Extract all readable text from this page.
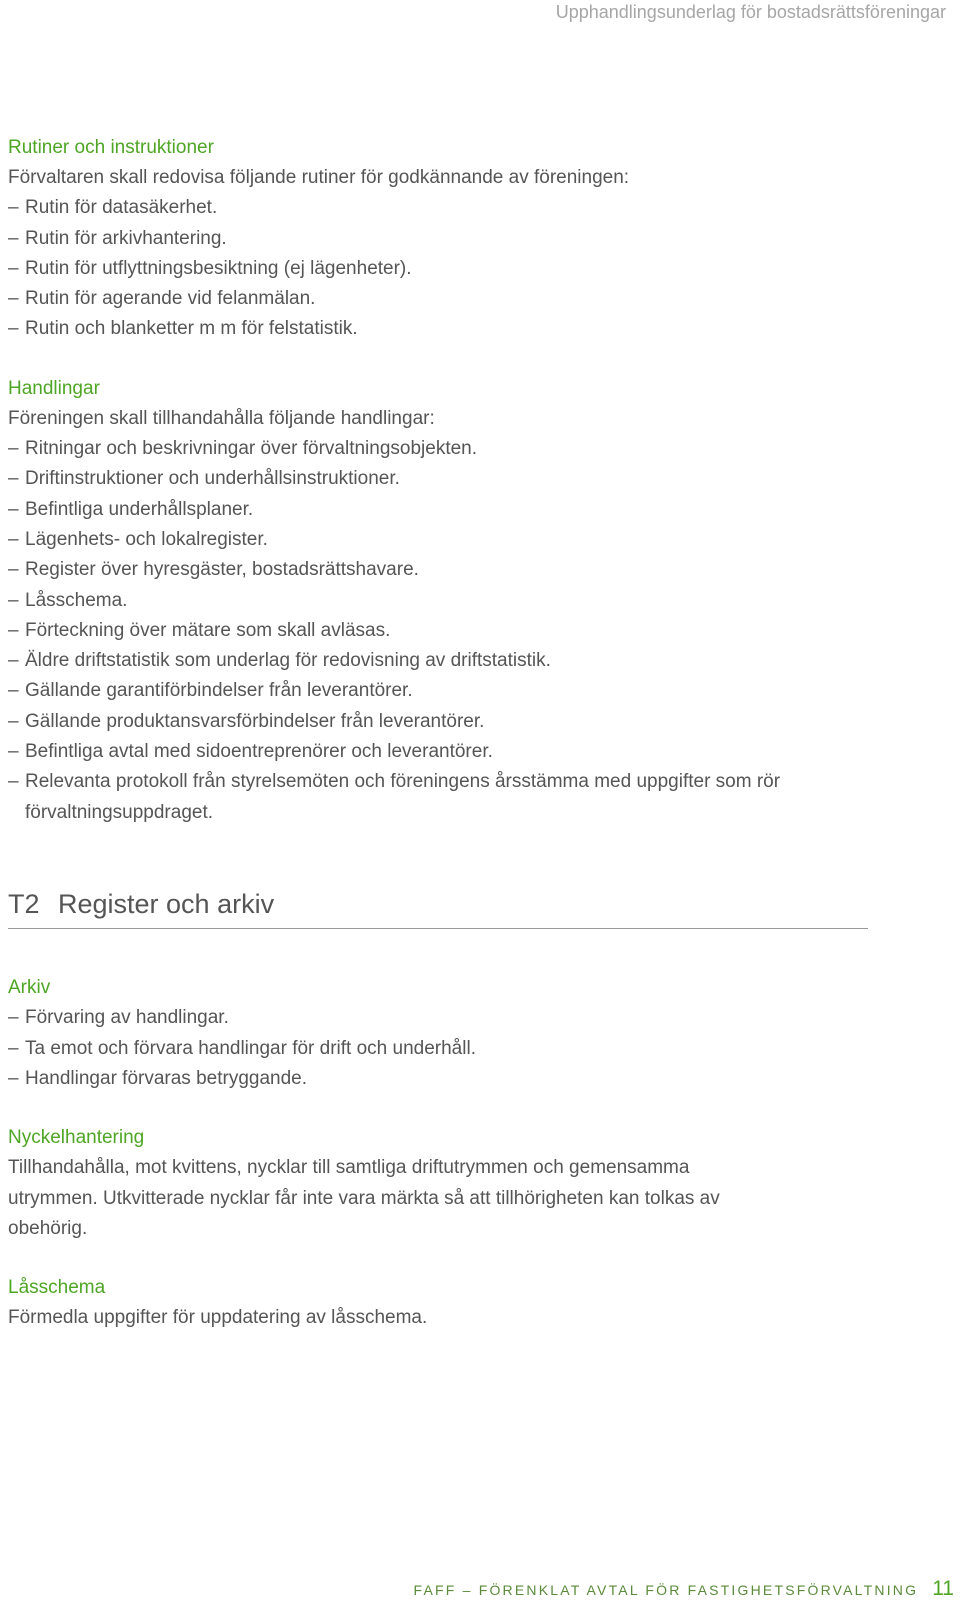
Upphandlingsunderlag för bostadsrättsföreningar
Rutiner och instruktioner

Förvaltaren skall redovisa följande rutiner för godkännande av föreningen:

– Rutin för datasäkerhet.
– Rutin för arkivhantering.
– Rutin för utflyttningsbesiktning (ej lägenheter).
– Rutin för agerande vid felanmälan.
– Rutin och blanketter m m för felstatistik.
Handlingar

Föreningen skall tillhandahålla följande handlingar:

– Ritningar och beskrivningar över förvaltningsobjekten.
– Driftinstruktioner och underhållsinstruktioner.
– Befintliga underhållsplaner.
– Lägenhets- och lokalregister.
– Register över hyresgäster, bostadsrättshavare.
– Låsschema.
– Förteckning över mätare som skall avläsas.
– Äldre driftstatistik som underlag för redovisning av driftstatistik.
– Gällande garantiförbindelser från leverantörer.
– Gällande produktansvarsförbindelser från leverantörer.
– Befintliga avtal med sidoentreprenörer och leverantörer.
– Relevanta protokoll från styrelsemöten och föreningens årsstämma med uppgifter som rör förvaltningsuppdraget.
T2 Register och arkiv
Arkiv
– Förvaring av handlingar.
– Ta emot och förvara handlingar för drift och underhåll.
– Handlingar förvaras betryggande.
Nyckelhantering

Tillhandahålla, mot kvittens, nycklar till samtliga driftutrymmen och gemensamma utrymmen. Utkvitterade nycklar får inte vara märkta så att tillhörigheten kan tolkas av obehörig.

Låsschema

Förmedla uppgifter för uppdatering av låsschema.

FAFF – FÖRENKLAT AVTAL FÖR FASTIGHETSFÖRVALTNING 11
